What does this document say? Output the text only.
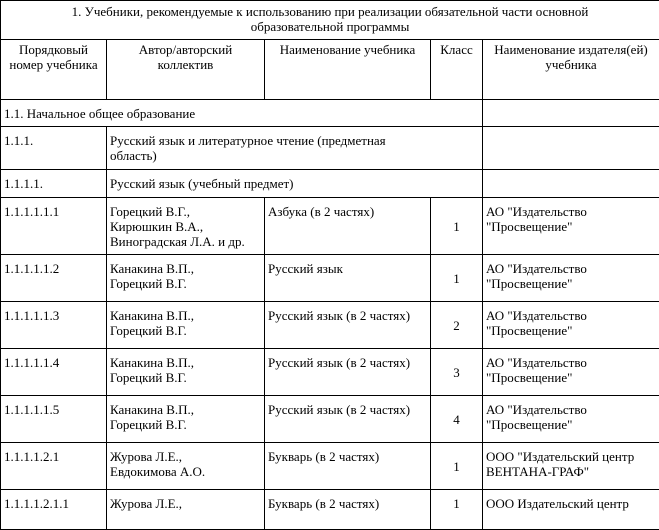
1. Учебники, рекомендуемые к использованию при реализации обязательной части основной
образовательной программы				

Порядковый
номер учебника	Автор/авторский
коллектив	Наименование учебника	Класс	Наименование издателя(ей)
учебника

1.1. Начальное общее образование				
1.1.1.	Русский язык и литературное чтение (предметная
область)			

1.1.1.1.	Русский язык (учебный предмет)			
1.1.1.1.1.1	Горецкий В.Г.,
Кирюшкин В.А.,
Виноградская Л.А. и др.	Азбука (в 2 частях)	1	АО "Издательство
"Просвещение"

1.1.1.1.1.2	Канакина В.П.,
Горецкий В.Г.	Русский язык	1	АО "Издательство
"Просвещение"

1.1.1.1.1.3	Канакина В.П.,
Горецкий В.Г.	Русский язык (в 2 частях)	2	АО "Издательство
"Просвещение"

1.1.1.1.1.4	Канакина В.П.,
Горецкий В.Г.	Русский язык (в 2 частях)	3	АО "Издательство
"Просвещение"

1.1.1.1.1.5	Канакина В.П.,
Горецкий В.Г.	Русский язык (в 2 частях)	4	АО "Издательство
"Просвещение"

1.1.1.1.2.1	Журова Л.Е.,
Евдокимова А.О.	Букварь (в 2 частях)	1	ООО "Издательский центр
ВЕНТАНА-ГРАФ"

1.1.1.1.2.1.1	Журова Л.Е.,	Букварь (в 2 частях)	1	ООО Издательский центр
